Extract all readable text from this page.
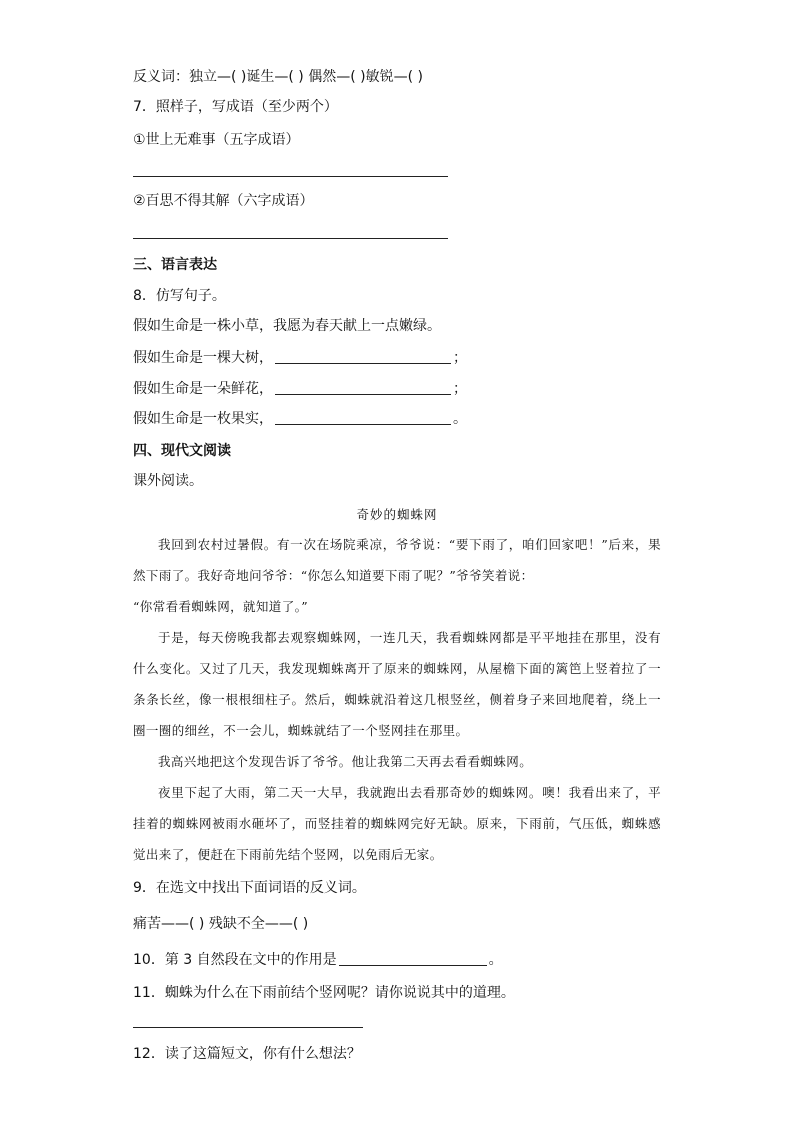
反义词：独立—( )诞生—( ) 偶然—( )敏锐—( )
7．照样子，写成语（至少两个）
①世上无难事（五字成语）
②百思不得其解（六字成语）
三、语言表达
8．仿写句子。
假如生命是一株小草，我愿为春天献上一点嫩绿。
假如生命是一棵大树，	；
假如生命是一朵鲜花，	；
假如生命是一枚果实，	。
四、现代文阅读
课外阅读。
奇妙的蜘蛛网

我回到农村过暑假。有一次在场院乘凉，爷爷说：“要下雨了，咱们回家吧！”后来，果然下雨了。我好奇地问爷爷：“你怎么知道要下雨了呢？”爷爷笑着说：

“你常看看蜘蛛网，就知道了。”

于是，每天傍晚我都去观察蜘蛛网，一连几天，我看蜘蛛网都是平平地挂在那里，没有什么变化。又过了几天，我发现蜘蛛离开了原来的蜘蛛网，从屋檐下面的篱笆上竖着拉了一条条长丝，像一根根细柱子。然后，蜘蛛就沿着这几根竖丝，侧着身子来回地爬着，绕上一圈一圈的细丝，不一会儿，蜘蛛就结了一个竖网挂在那里。

我高兴地把这个发现告诉了爷爷。他让我第二天再去看看蜘蛛网。

夜里下起了大雨，第二天一大早，我就跑出去看那奇妙的蜘蛛网。噢！我看出来了，平挂着的蜘蛛网被雨水砸坏了，而竖挂着的蜘蛛网完好无缺。原来，下雨前，气压低，蜘蛛感觉出来了，便赶在下雨前先结个竖网，以免雨后无家。

9．在选文中找出下面词语的反义词。
痛苦——( ) 残缺不全——( )
10．第 3 自然段在文中的作用是	。
11．蜘蛛为什么在下雨前结个竖网呢？请你说说其中的道理。
12．读了这篇短文，你有什么想法？
